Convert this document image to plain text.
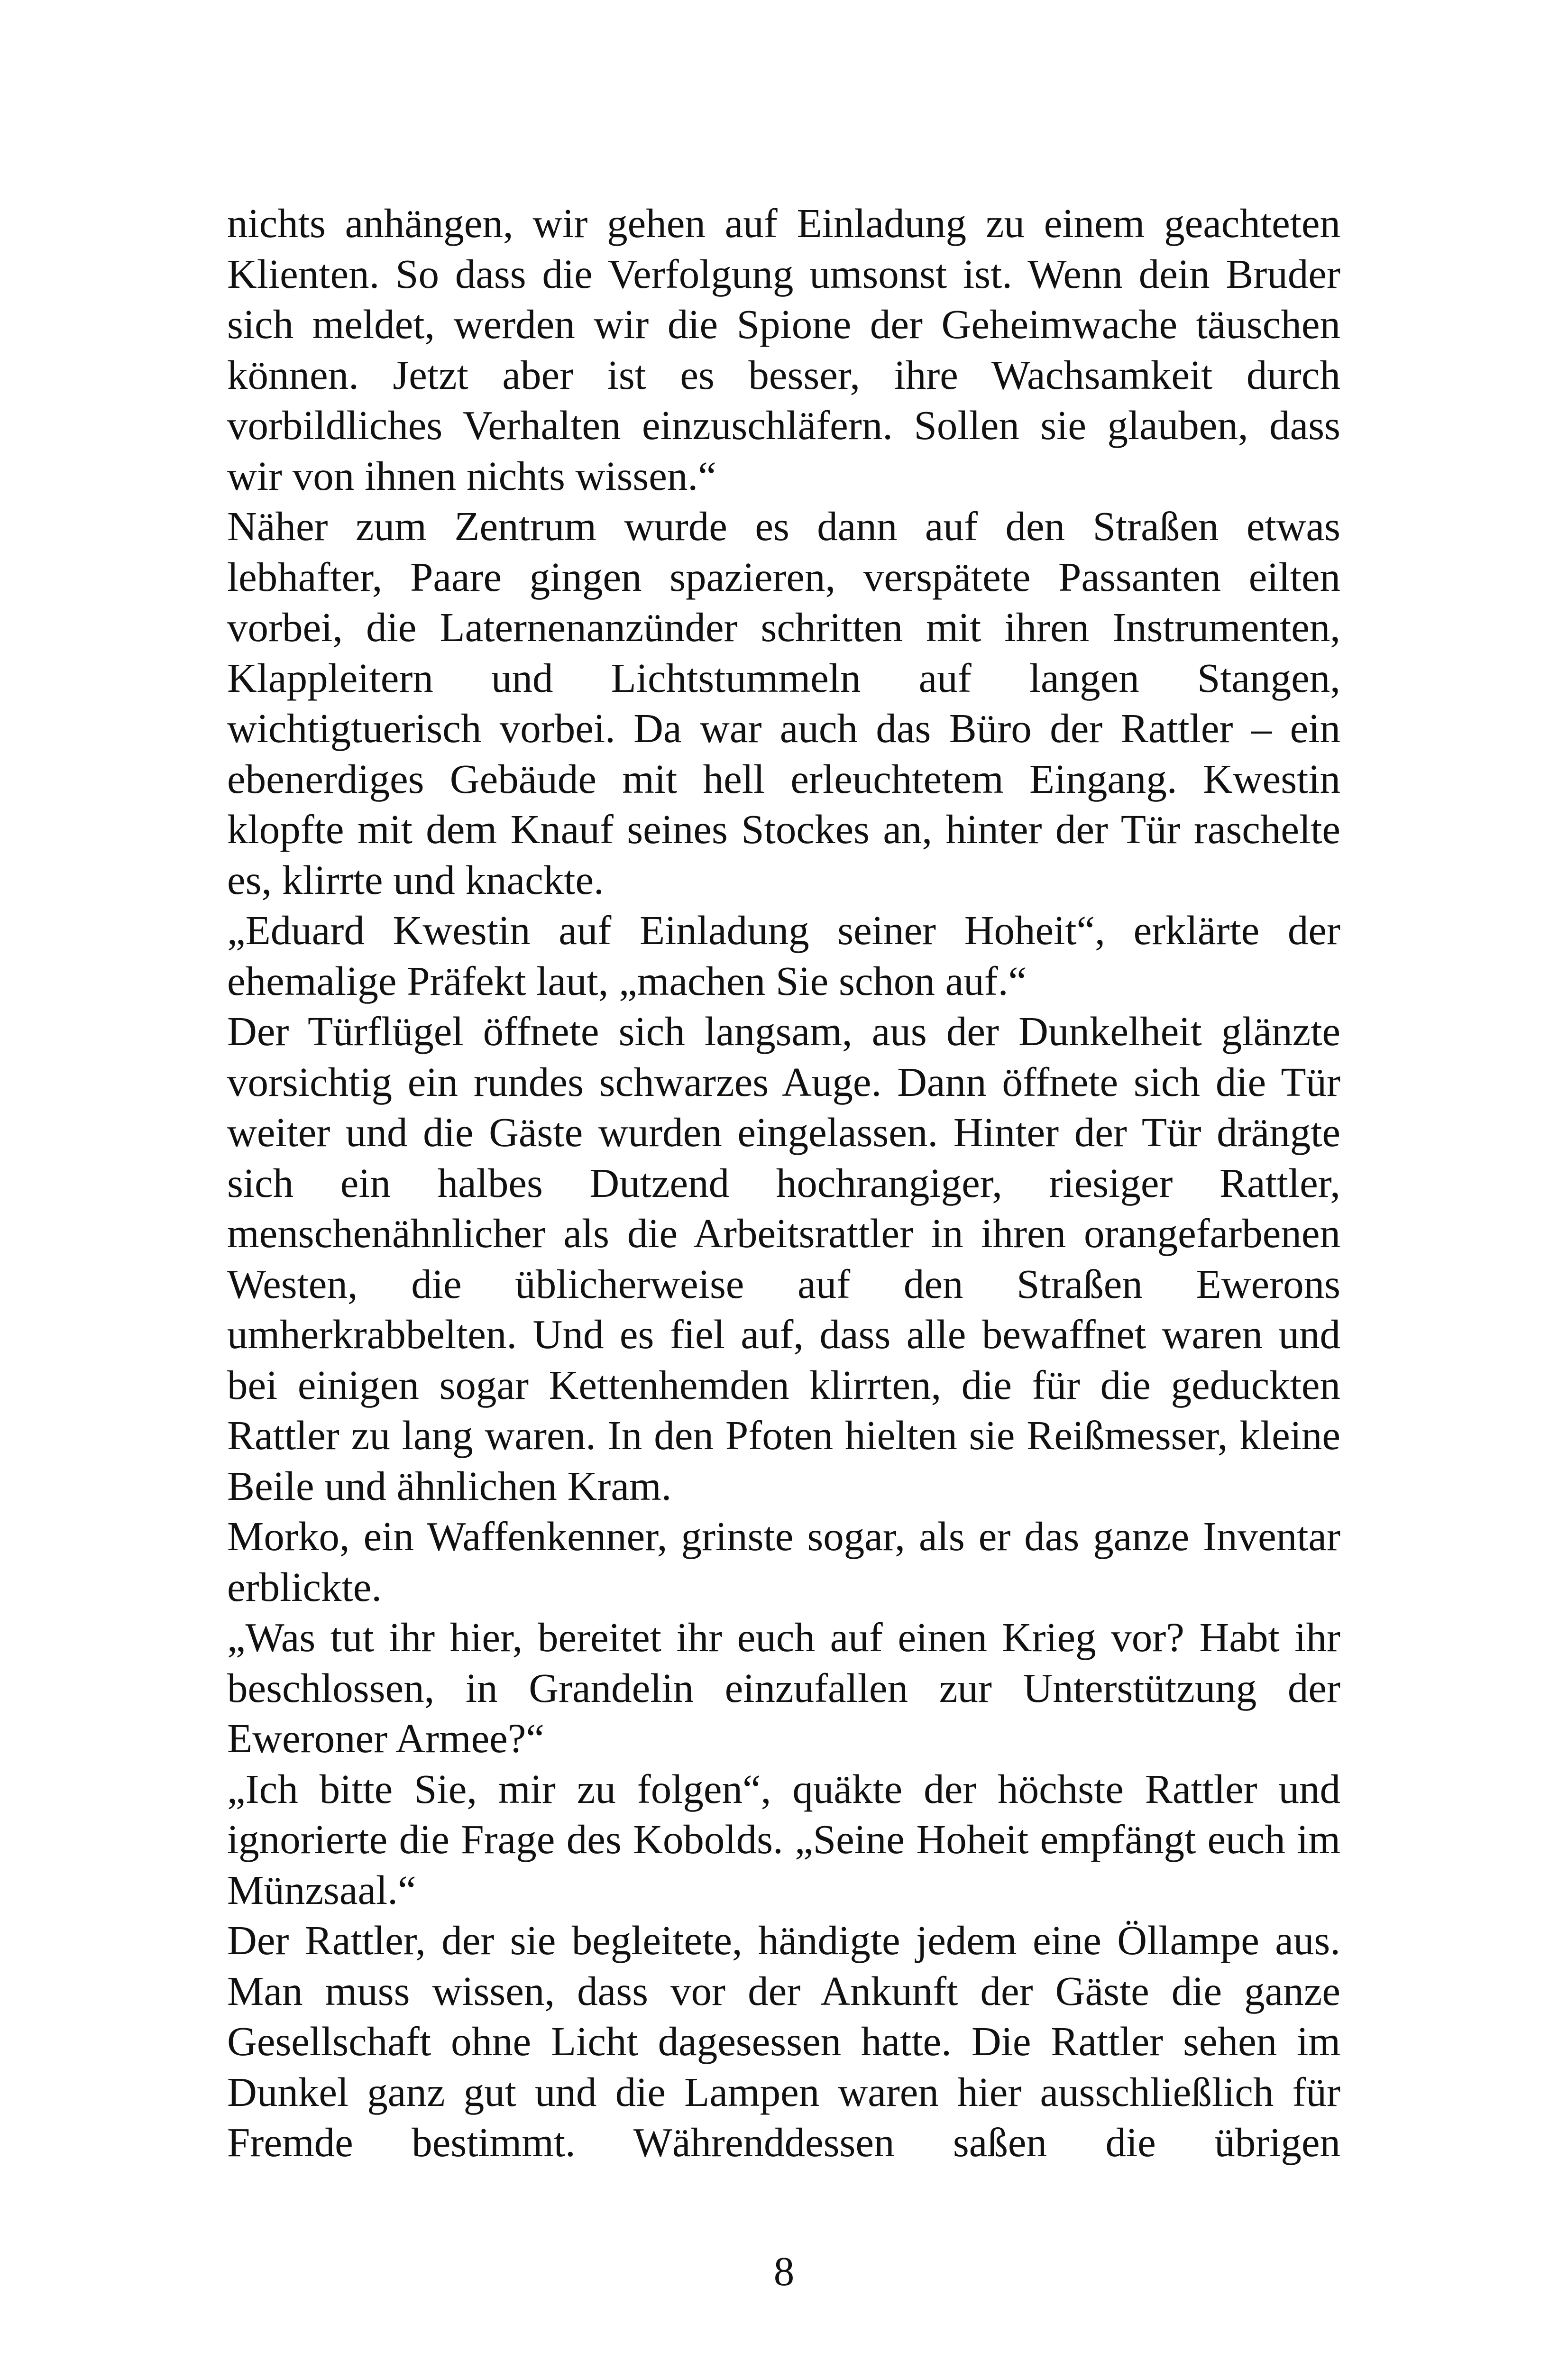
nichts anhängen, wir gehen auf Einladung zu einem geachteten Klienten. So dass die Verfolgung umsonst ist. Wenn dein Bruder sich meldet, werden wir die Spione der Geheimwache täuschen können. Jetzt aber ist es besser, ihre Wachsamkeit durch vorbildliches Verhalten einzuschläfern. Sollen sie glauben, dass wir von ihnen nichts wissen.“

Näher zum Zentrum wurde es dann auf den Straßen etwas lebhafter, Paare gingen spazieren, verspätete Passanten eilten vorbei, die Laternenanzünder schritten mit ihren Instrumenten, Klappleitern und Lichtstummeln auf langen Stangen, wichtigtuerisch vorbei. Da war auch das Büro der Rattler – ein ebenerdiges Gebäude mit hell erleuchtetem Eingang. Kwestin klopfte mit dem Knauf seines Stockes an, hinter der Tür raschelte es, klirrte und knackte.

„Eduard Kwestin auf Einladung seiner Hoheit“, erklärte der ehemalige Präfekt laut, „machen Sie schon auf.“

Der Türflügel öffnete sich langsam, aus der Dunkelheit glänzte vorsichtig ein rundes schwarzes Auge. Dann öffnete sich die Tür weiter und die Gäste wurden eingelassen. Hinter der Tür drängte sich ein halbes Dutzend hochrangiger, riesiger Rattler, menschenähnlicher als die Arbeitsrattler in ihren orangefarbenen Westen, die üblicherweise auf den Straßen Ewerons umherkrabbelten. Und es fiel auf, dass alle bewaffnet waren und bei einigen sogar Kettenhemden klirrten, die für die geduckten Rattler zu lang waren. In den Pfoten hielten sie Reißmesser, kleine Beile und ähnlichen Kram.

Morko, ein Waffenkenner, grinste sogar, als er das ganze Inventar erblickte.

„Was tut ihr hier, bereitet ihr euch auf einen Krieg vor? Habt ihr beschlossen, in Grandelin einzufallen zur Unterstützung der Eweroner Armee?“

„Ich bitte Sie, mir zu folgen“, quäkte der höchste Rattler und ignorierte die Frage des Kobolds. „Seine Hoheit empfängt euch im Münzsaal.“

Der Rattler, der sie begleitete, händigte jedem eine Öllampe aus. Man muss wissen, dass vor der Ankunft der Gäste die ganze Gesellschaft ohne Licht dagesessen hatte. Die Rattler sehen im Dunkel ganz gut und die Lampen waren hier ausschließlich für Fremde bestimmt. Währenddessen saßen die übrigen

8
